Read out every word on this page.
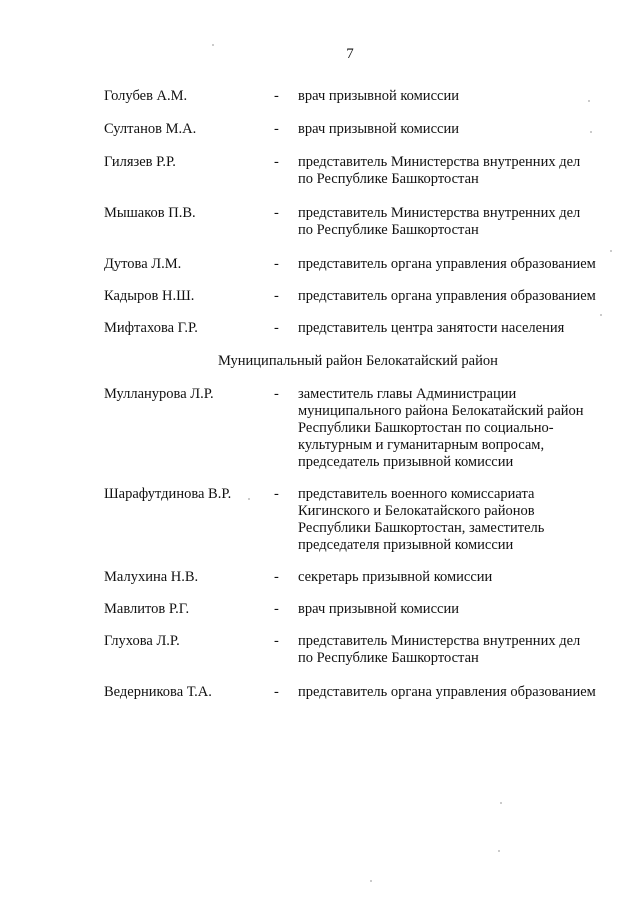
7
Голубев А.М.	- врач призывной комиссии
Султанов М.А.	- врач призывной комиссии
Гилязев Р.Р.	- представитель Министерства внутренних дел
по Республике Башкортостан
Мышаков П.В.	- представитель Министерства внутренних дел
по Республике Башкортостан
Дутова Л.М.	- представитель органа управления образованием
Кадыров Н.Ш.	- представитель органа управления образованием
Мифтахова Г.Р.	- представитель центра занятости населения
Муниципальный район Белокатайский район
Мулланурова Л.Р.	- заместитель главы Администрации
муниципального района Белокатайский район
Республики Башкортостан по социально-
культурным и гуманитарным вопросам,
председатель призывной комиссии
Шарафутдинова В.Р.	- представитель военного комиссариата
Кигинского и Белокатайского районов
Республики Башкортостан, заместитель
председателя призывной комиссии
Малухина Н.В.	- секретарь призывной комиссии
Мавлитов Р.Г.	- врач призывной комиссии
Глухова Л.Р.	- представитель Министерства внутренних дел
по Республике Башкортостан
Ведерникова Т.А.	- представитель органа управления образованием
